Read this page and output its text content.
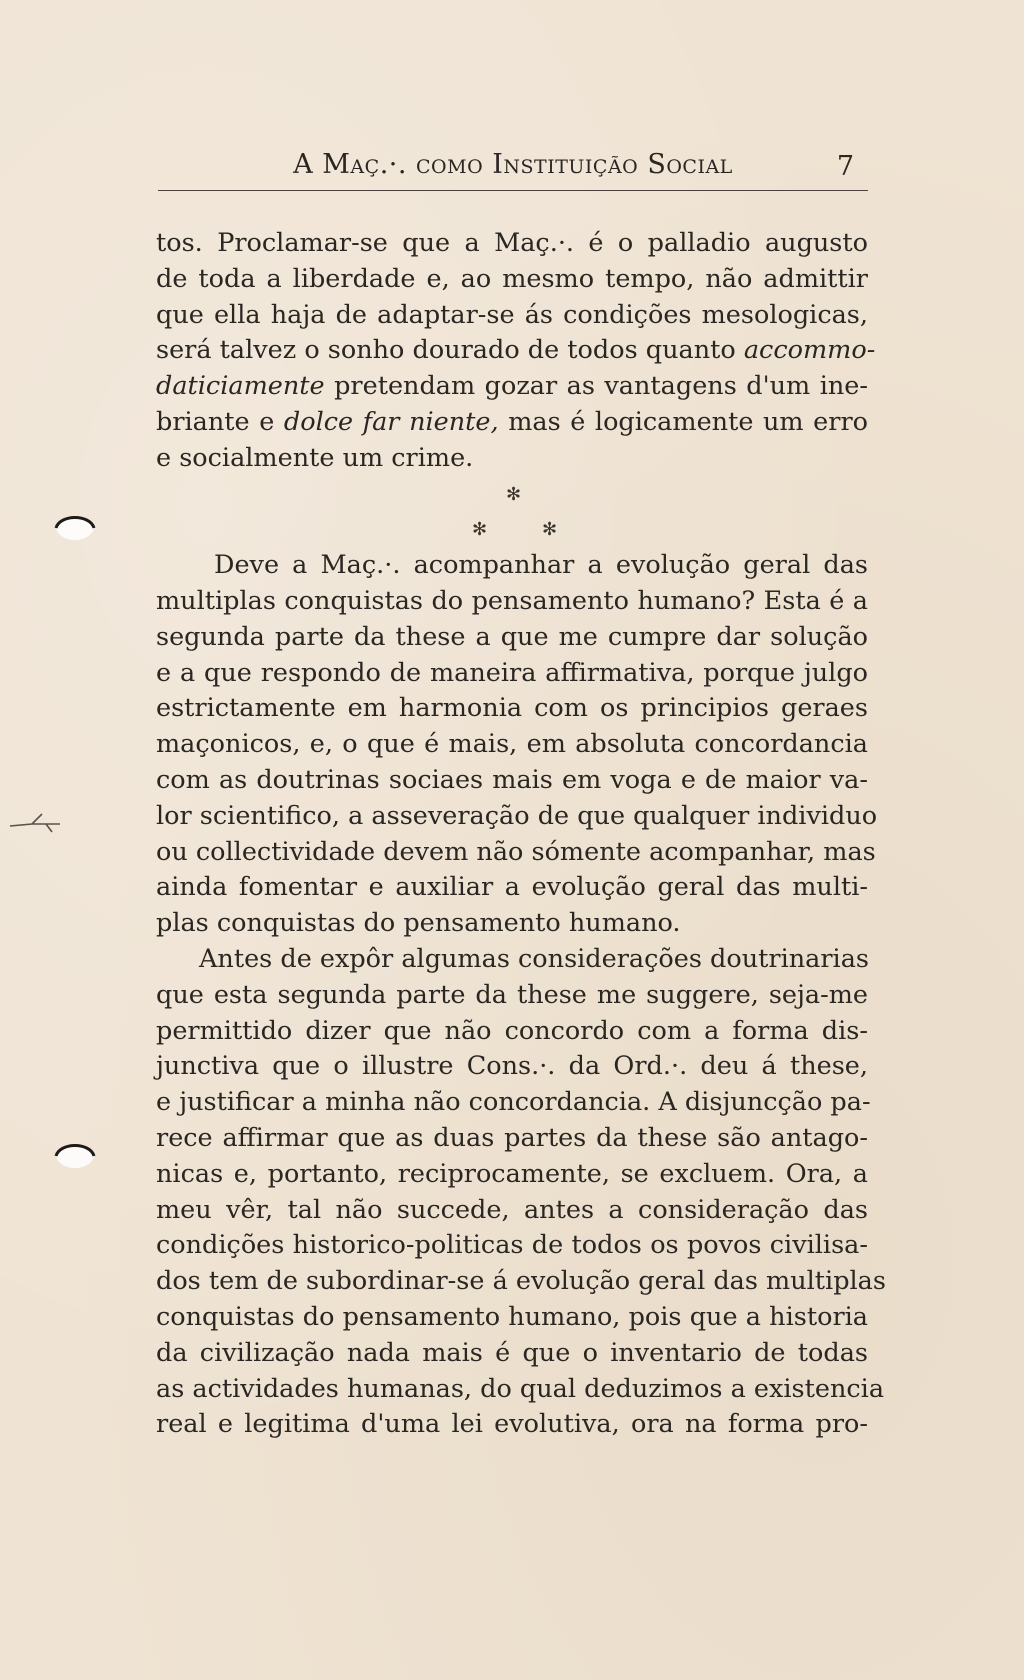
A Maç.·. como Instituição Social	7
tos. Proclamar-se que a Maç.·. é o palladio augusto
de toda a liberdade e, ao mesmo tempo, não admittir
que ella haja de adaptar-se ás condições mesologicas,
será talvez o sonho dourado de todos quanto accommo-
daticiamente pretendam gozar as vantagens d'um ine-
briante e dolce far niente, mas é logicamente um erro
e socialmente um crime.
✻
✻	✻
Deve a Maç.·. acompanhar a evolução geral das
multiplas conquistas do pensamento humano? Esta é a
segunda parte da these a que me cumpre dar solução
e a que respondo de maneira affirmativa, porque julgo
estrictamente em harmonia com os principios geraes
maçonicos, e, o que é mais, em absoluta concordancia
com as doutrinas sociaes mais em voga e de maior va-
lor scientifico, a asseveração de que qualquer individuo
ou collectividade devem não sómente acompanhar, mas
ainda fomentar e auxiliar a evolução geral das multi-
plas conquistas do pensamento humano.
Antes de expôr algumas considerações doutrinarias
que esta segunda parte da these me suggere, seja-me
permittido dizer que não concordo com a forma dis-
junctiva que o illustre Cons.·. da Ord.·. deu á these,
e justificar a minha não concordancia. A disjuncção pa-
rece affirmar que as duas partes da these são antago-
nicas e, portanto, reciprocamente, se excluem. Ora, a
meu vêr, tal não succede, antes a consideração das
condições historico-politicas de todos os povos civilisa-
dos tem de subordinar-se á evolução geral das multiplas
conquistas do pensamento humano, pois que a historia
da civilização nada mais é que o inventario de todas
as actividades humanas, do qual deduzimos a existencia
real e legitima d'uma lei evolutiva, ora na forma pro-
